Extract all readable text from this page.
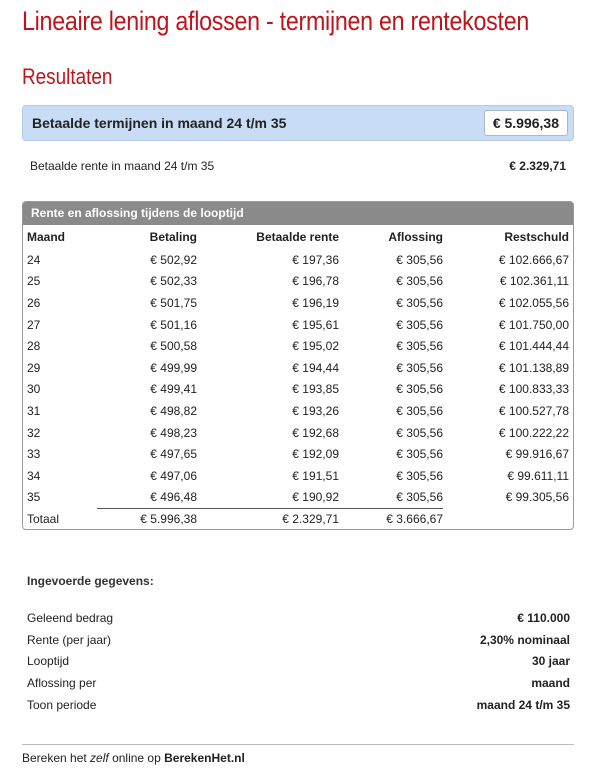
Lineaire lening aflossen - termijnen en rentekosten
Resultaten
Betaalde termijnen in maand 24 t/m 35	€ 5.996,38
Betaalde rente in maand 24 t/m 35	€ 2.329,71
Rente en aflossing tijdens de looptijd
Maand	Betaling	Betaalde rente	Aflossing	Restschuld
24	€ 502,92	€ 197,36	€ 305,56	€ 102.666,67
25	€ 502,33	€ 196,78	€ 305,56	€ 102.361,11
26	€ 501,75	€ 196,19	€ 305,56	€ 102.055,56
27	€ 501,16	€ 195,61	€ 305,56	€ 101.750,00
28	€ 500,58	€ 195,02	€ 305,56	€ 101.444,44
29	€ 499,99	€ 194,44	€ 305,56	€ 101.138,89
30	€ 499,41	€ 193,85	€ 305,56	€ 100.833,33
31	€ 498,82	€ 193,26	€ 305,56	€ 100.527,78
32	€ 498,23	€ 192,68	€ 305,56	€ 100.222,22
33	€ 497,65	€ 192,09	€ 305,56	€ 99.916,67
34	€ 497,06	€ 191,51	€ 305,56	€ 99.611,11
35	€ 496,48	€ 190,92	€ 305,56	€ 99.305,56
Totaal	€ 5.996,38	€ 2.329,71	€ 3.666,67	
Ingevoerde gegevens:
Geleend bedrag	€ 110.000
Rente (per jaar)	2,30% nominaal
Looptijd	30 jaar
Aflossing per	maand
Toon periode	maand 24 t/m 35
Bereken het zelf online op BerekenHet.nl
